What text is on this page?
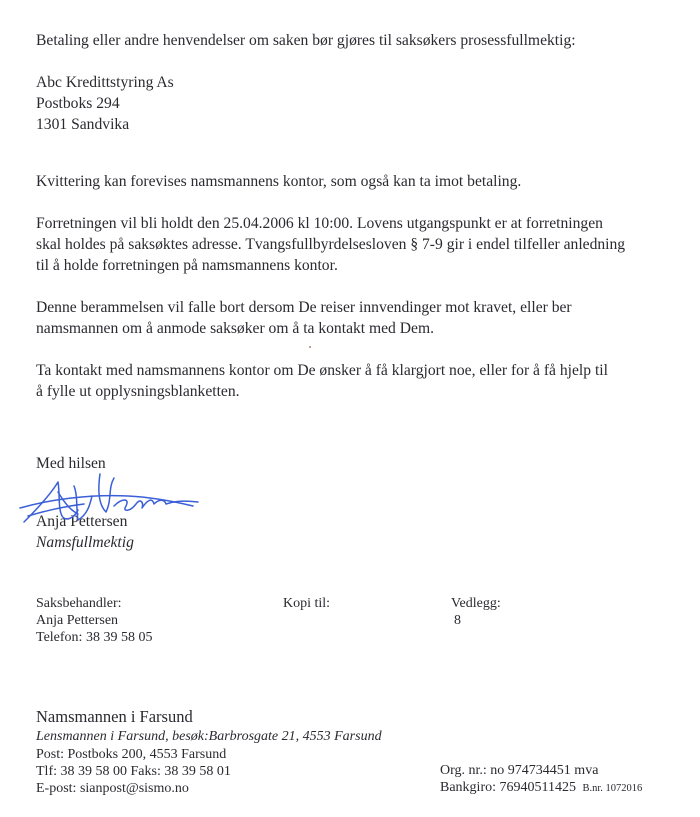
Betaling eller andre henvendelser om saken bør gjøres til saksøkers prosessfullmektig:
Abc Kredittstyring As
Postboks 294
1301 Sandvika
Kvittering kan forevises namsmannens kontor, som også kan ta imot betaling.
Forretningen vil bli holdt den 25.04.2006 kl 10:00. Lovens utgangspunkt er at forretningen
skal holdes på saksøktes adresse. Tvangsfullbyrdelsesloven § 7-9 gir i endel tilfeller anledning
til å holde forretningen på namsmannens kontor.
Denne berammelsen vil falle bort dersom De reiser innvendinger mot kravet, eller ber
namsmannen om å anmode saksøker om å ta kontakt med Dem.
Ta kontakt med namsmannens kontor om De ønsker å få klargjort noe, eller for å få hjelp til
å fylle ut opplysningsblanketten.
Med hilsen
Anja Pettersen
Namsfullmektig
Saksbehandler:
Anja Pettersen
Telefon: 38 39 58 05
Kopi til:	Vedlegg:
8
Namsmannen i Farsund
Lensmannen i Farsund, besøk:Barbrosgate 21, 4553 Farsund
Post: Postboks 200, 4553 Farsund
Tlf: 38 39 58 00 Faks: 38 39 58 01
E-post: sianpost@sismo.no
Org. nr.: no 974734451 mva
Bankgiro: 76940511425 B.nr. 1072016
